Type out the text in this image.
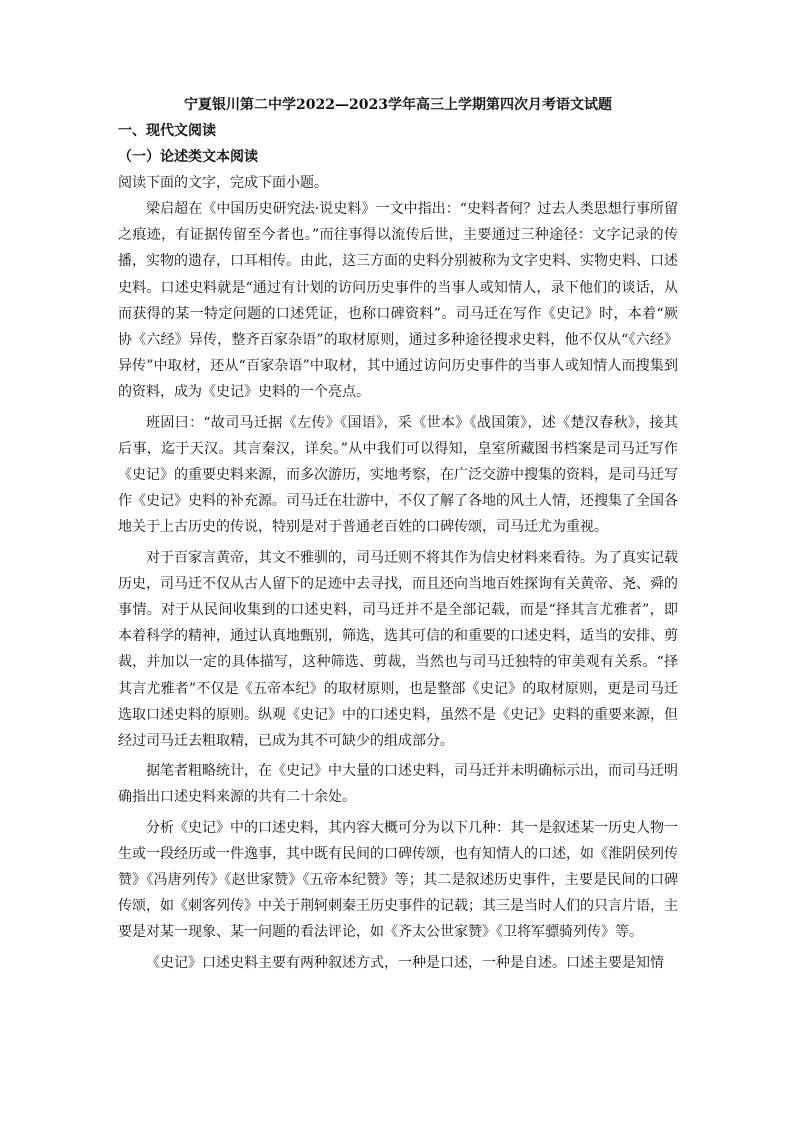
宁夏银川第二中学2022—2023学年高三上学期第四次月考语文试题
一、现代文阅读
（一）论述类文本阅读
阅读下面的文字，完成下面小题。

梁启超在《中国历史研究法·说史料》一文中指出：“史料者何？过去人类思想行事所留之痕迹，有证据传留至今者也。”而往事得以流传后世，主要通过三种途径：文字记录的传播，实物的遗存，口耳相传。由此，这三方面的史料分别被称为文字史料、实物史料、口述史料。口述史料就是“通过有计划的访问历史事件的当事人或知情人，录下他们的谈话，从而获得的某一特定问题的口述凭证，也称口碑资料”。司马迁在写作《史记》时，本着“厥协《六经》异传，整齐百家杂语”的取材原则，通过多种途径搜求史料，他不仅从“《六经》异传”中取材，还从“百家杂语”中取材，其中通过访问历史事件的当事人或知情人而搜集到的资料，成为《史记》史料的一个亮点。

班固曰：“故司马迁据《左传》《国语》，采《世本》《战国策》，述《楚汉春秋》，接其后事，迄于天汉。其言秦汉，详矣。”从中我们可以得知，皇室所藏图书档案是司马迁写作《史记》的重要史料来源，而多次游历，实地考察，在广泛交游中搜集的资料，是司马迁写作《史记》史料的补充源。司马迁在壮游中，不仅了解了各地的风土人情，还搜集了全国各地关于上古历史的传说，特别是对于普通老百姓的口碑传颂，司马迁尤为重视。

对于百家言黄帝，其文不雅驯的，司马迁则不将其作为信史材料来看待。为了真实记载历史，司马迁不仅从古人留下的足迹中去寻找，而且还向当地百姓探询有关黄帝、尧、舜的事情。对于从民间收集到的口述史料，司马迁并不是全部记载，而是“择其言尤雅者”，即本着科学的精神，通过认真地甄别，筛选，选其可信的和重要的口述史料，适当的安排、剪裁，并加以一定的具体描写，这种筛选、剪裁，当然也与司马迁独特的审美观有关系。“择其言尤雅者”不仅是《五帝本纪》的取材原则，也是整部《史记》的取材原则，更是司马迁选取口述史料的原则。纵观《史记》中的口述史料，虽然不是《史记》史料的重要来源，但经过司马迁去粗取精，已成为其不可缺少的组成部分。

据笔者粗略统计，在《史记》中大量的口述史料，司马迁并未明确标示出，而司马迁明确指出口述史料来源的共有二十余处。

分析《史记》中的口述史料，其内容大概可分为以下几种：其一是叙述某一历史人物一生或一段经历或一件逸事，其中既有民间的口碑传颂，也有知情人的口述，如《淮阴侯列传赞》《冯唐列传》《赵世家赞》《五帝本纪赞》等；其二是叙述历史事件，主要是民间的口碑传颂，如《刺客列传》中关于荆轲刺秦王历史事件的记载；其三是当时人们的只言片语，主要是对某一现象、某一问题的看法评论，如《齐太公世家赞》《卫将军骠骑列传》等。

《史记》口述史料主要有两种叙述方式，一种是口述，一种是自述。口述主要是知情
